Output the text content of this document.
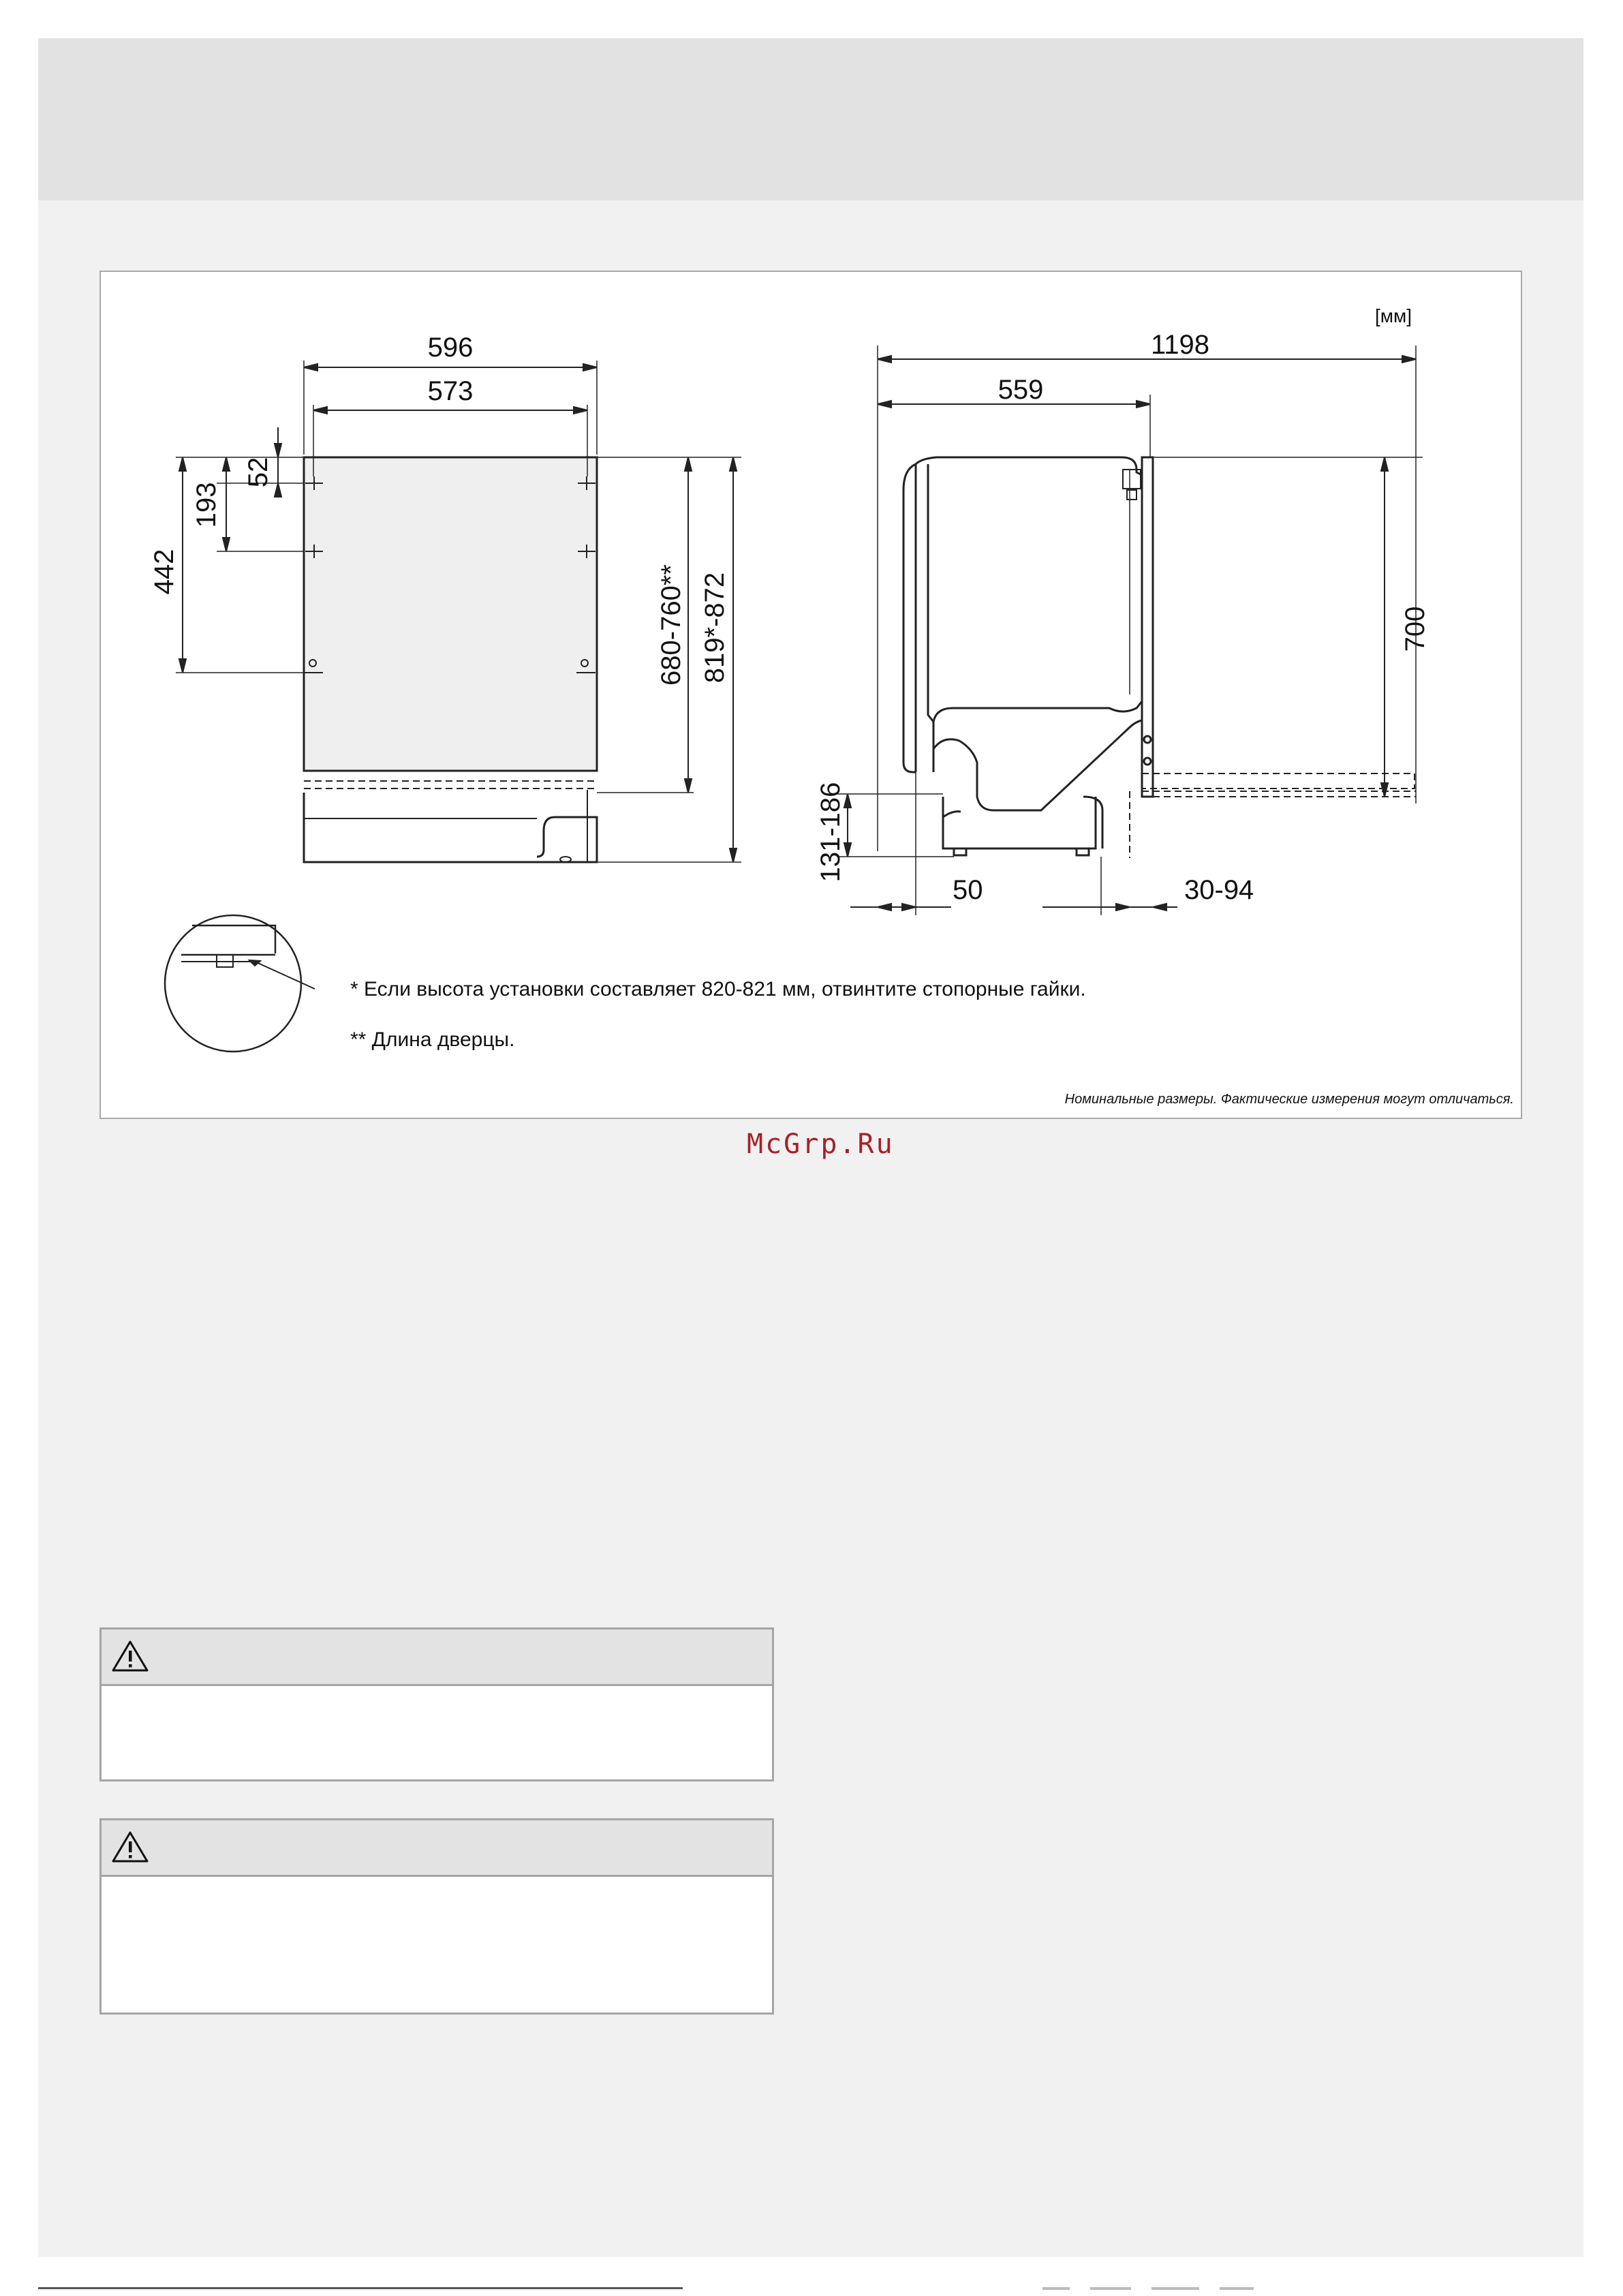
596
573
52
193
442	680-760** 819*-872
[мм]
1198
559
700
131-186
50	30-94
* Если высота установки составляет 820-821 мм, отвинтите стопорные гайки.
** Длина дверцы.
Номинальные размеры. Фактические измерения могут отличаться.
McGrp.Ru
